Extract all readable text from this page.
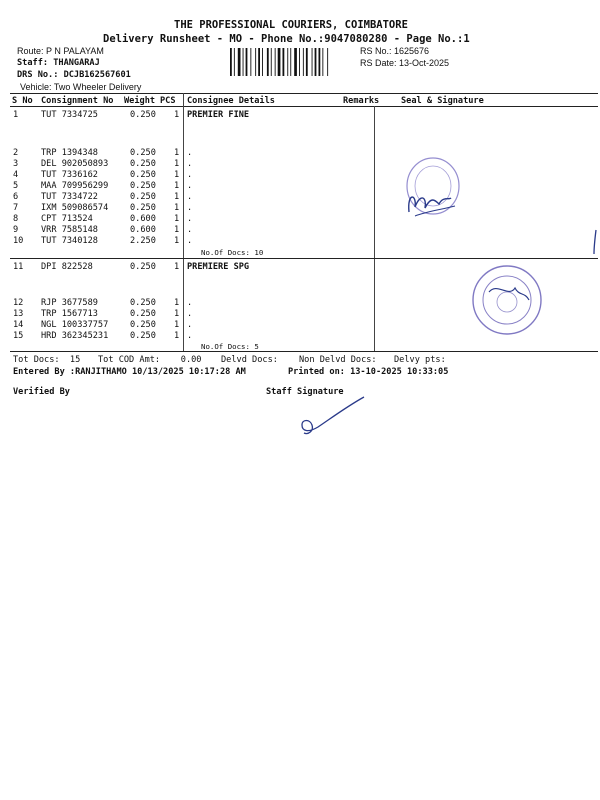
THE PROFESSIONAL COURIERS, COIMBATORE
Delivery Runsheet - MO - Phone No.:9047080280 - Page No.:1
Route: P N PALAYAM
Staff: THANGARAJ
DRS No.: DCJB162567601
Vehicle: Two Wheeler Delivery
RS No.: 1625676
RS Date: 13-Oct-2025
S No Consignment No Weight PCS Consignee Details	Remarks	Seal & Signature
1	TUT 7334725	0.250 1 PREMIER FINE
2	TRP 1394348	0.250 1 .
3	DEL 902050893	0.250 1 .
4	TUT 7336162	0.250 1 .
5	MAA 709956299	0.250 1 .
6	TUT 7334722	0.250 1 .
7	IXM 509086574	0.250 1 .
8	CPT 713524	0.600 1 .
9	VRR 7585148	0.600 1 .
10 TUT 7340128	2.250 1 .
No.Of Docs: 10
11 DPI 822528	0.250 1 PREMIERE SPG
12 RJP 3677589	0.250 1 .
13 TRP 1567713	0.250 1 .
14 NGL 100337757	0.250 1 .
15 HRD 362345231	0.250 1 .
No.Of Docs: 5
Tot Docs:  15 Tot COD Amt:    0.00 Delvd Docs: Non Delvd Docs: Delvy pts:
Entered By :RANJITHAMO 10/13/2025 10:17:28 AM	Printed on: 13-10-2025 10:33:05
Verified By	Staff Signature
